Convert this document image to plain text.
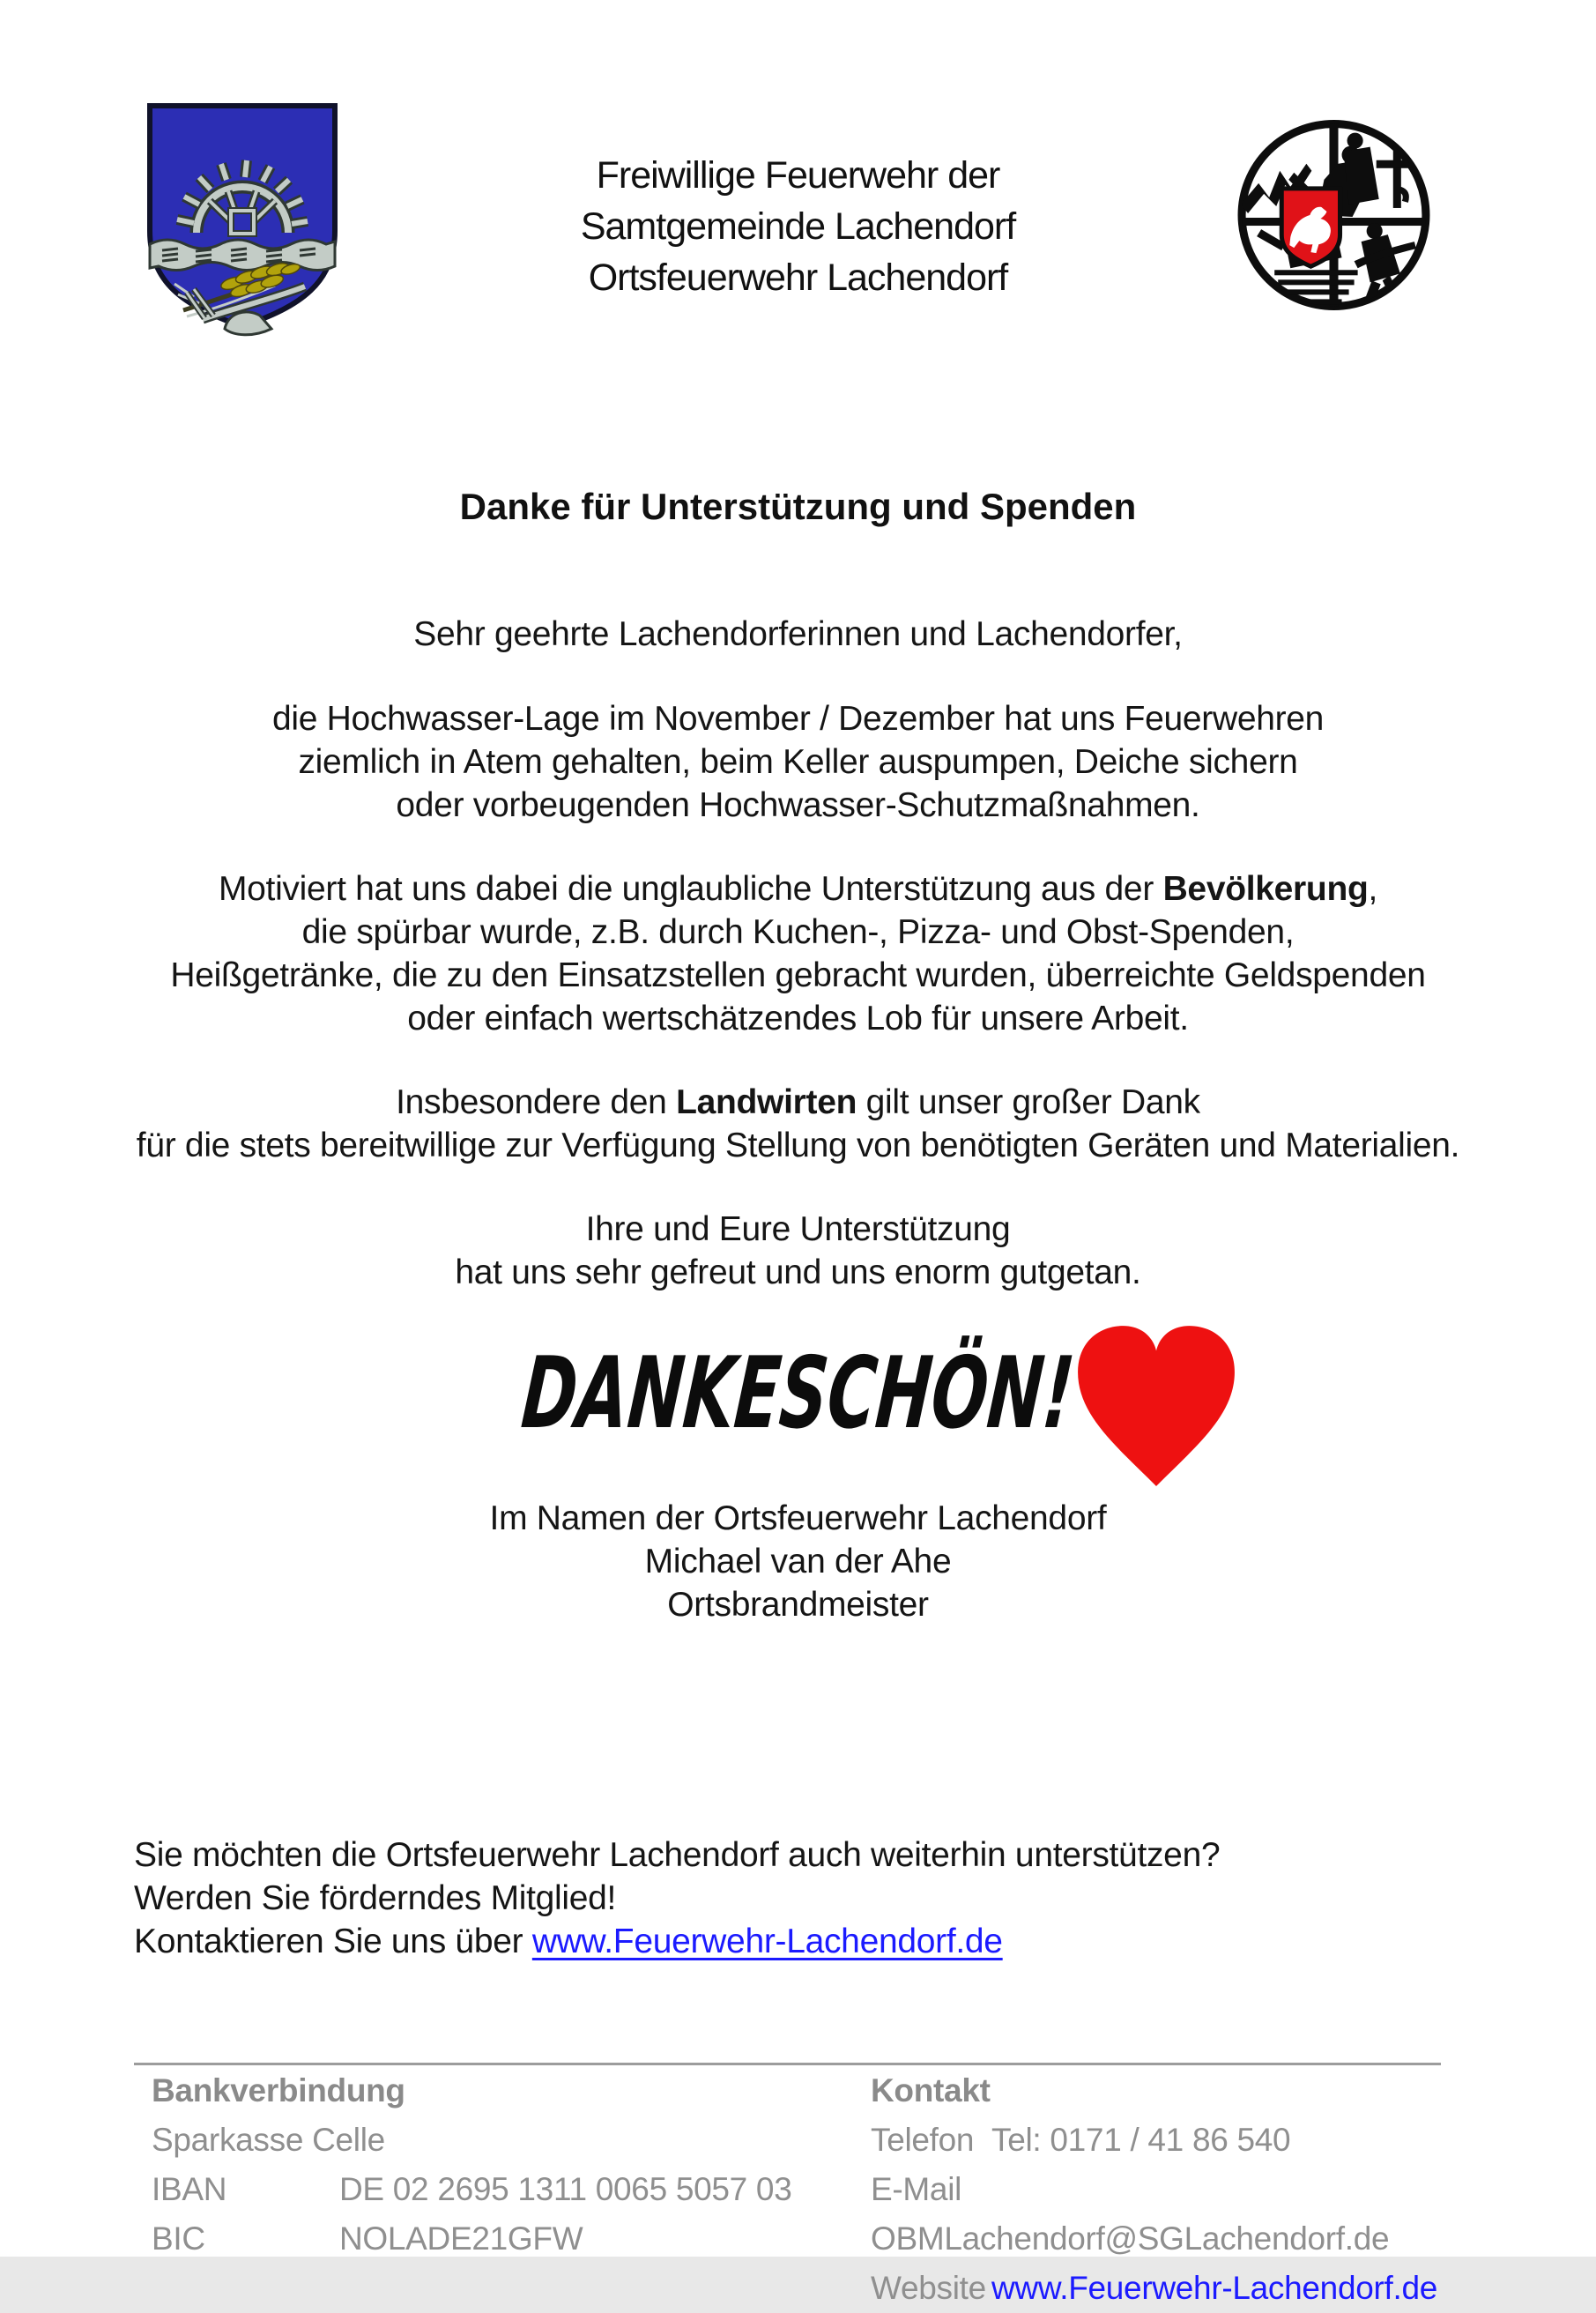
Freiwillige Feuerwehr der
Samtgemeinde Lachendorf
Ortsfeuerwehr Lachendorf
Danke für Unterstützung und Spenden
Sehr geehrte Lachendorferinnen und Lachendorfer,
die Hochwasser-Lage im November / Dezember hat uns Feuerwehren
ziemlich in Atem gehalten, beim Keller auspumpen, Deiche sichern
oder vorbeugenden Hochwasser-Schutzmaßnahmen.
Motiviert hat uns dabei die unglaubliche Unterstützung aus der Bevölkerung,
die spürbar wurde, z.B. durch Kuchen-, Pizza- und Obst-Spenden,
Heißgetränke, die zu den Einsatzstellen gebracht wurden, überreichte Geldspenden
oder einfach wertschätzendes Lob für unsere Arbeit.
Insbesondere den Landwirten gilt unser großer Dank
für die stets bereitwillige zur Verfügung Stellung von benötigten Geräten und Materialien.
Ihre und Eure Unterstützung
hat uns sehr gefreut und uns enorm gutgetan.
DANKESCHÖN!
Im Namen der Ortsfeuerwehr Lachendorf
Michael van der Ahe
Ortsbrandmeister
Sie möchten die Ortsfeuerwehr Lachendorf auch weiterhin unterstützen?
Werden Sie förderndes Mitglied!
Kontaktieren Sie uns über www.Feuerwehr-Lachendorf.de
Bankverbindung
Sparkasse Celle
IBAN	DE 02 2695 1311 0065 5057 03
BIC	NOLADE21GFW
Kontakt
Telefon Tel: 0171 / 41 86 540
E-MailOBMLachendorf@SGLachendorf.de
Website www.Feuerwehr-Lachendorf.de
